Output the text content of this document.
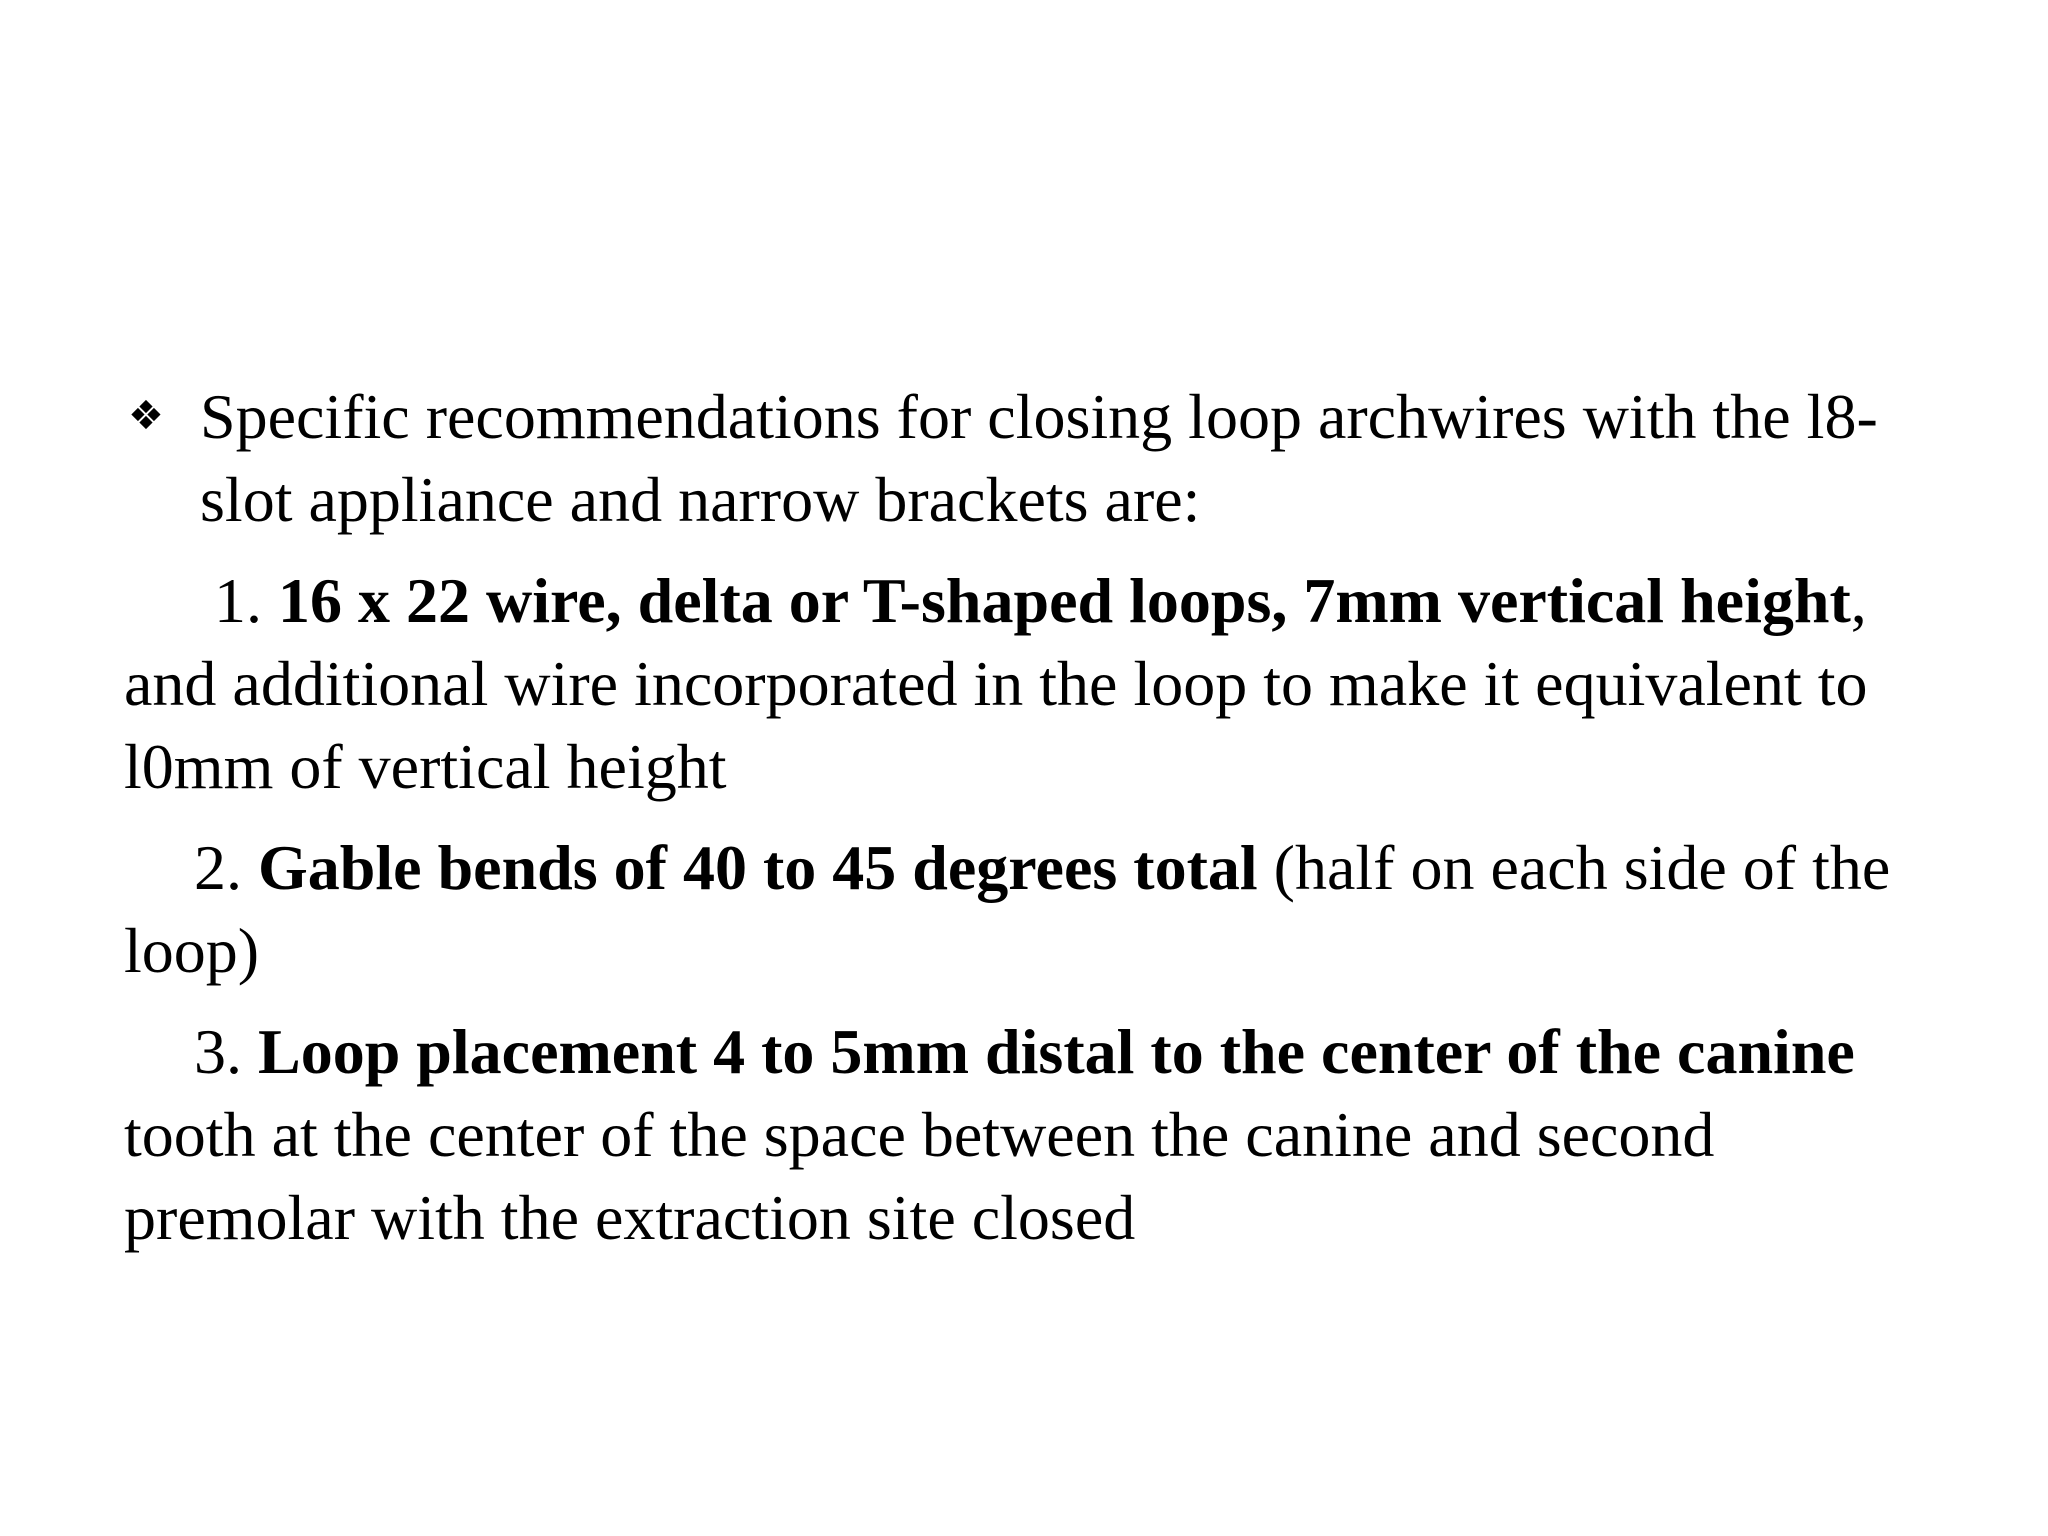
❖ Specific recommendations for closing loop archwires with the l8-slot appliance and narrow brackets are:

1. 16 x 22 wire, delta or T-shaped loops, 7mm vertical height, and additional wire incorporated in the loop to make it equivalent to l0mm of vertical height

2. Gable bends of 40 to 45 degrees total (half on each side of the loop)

3. Loop placement 4 to 5mm distal to the center of the canine tooth at the center of the space between the canine and second premolar with the extraction site closed
